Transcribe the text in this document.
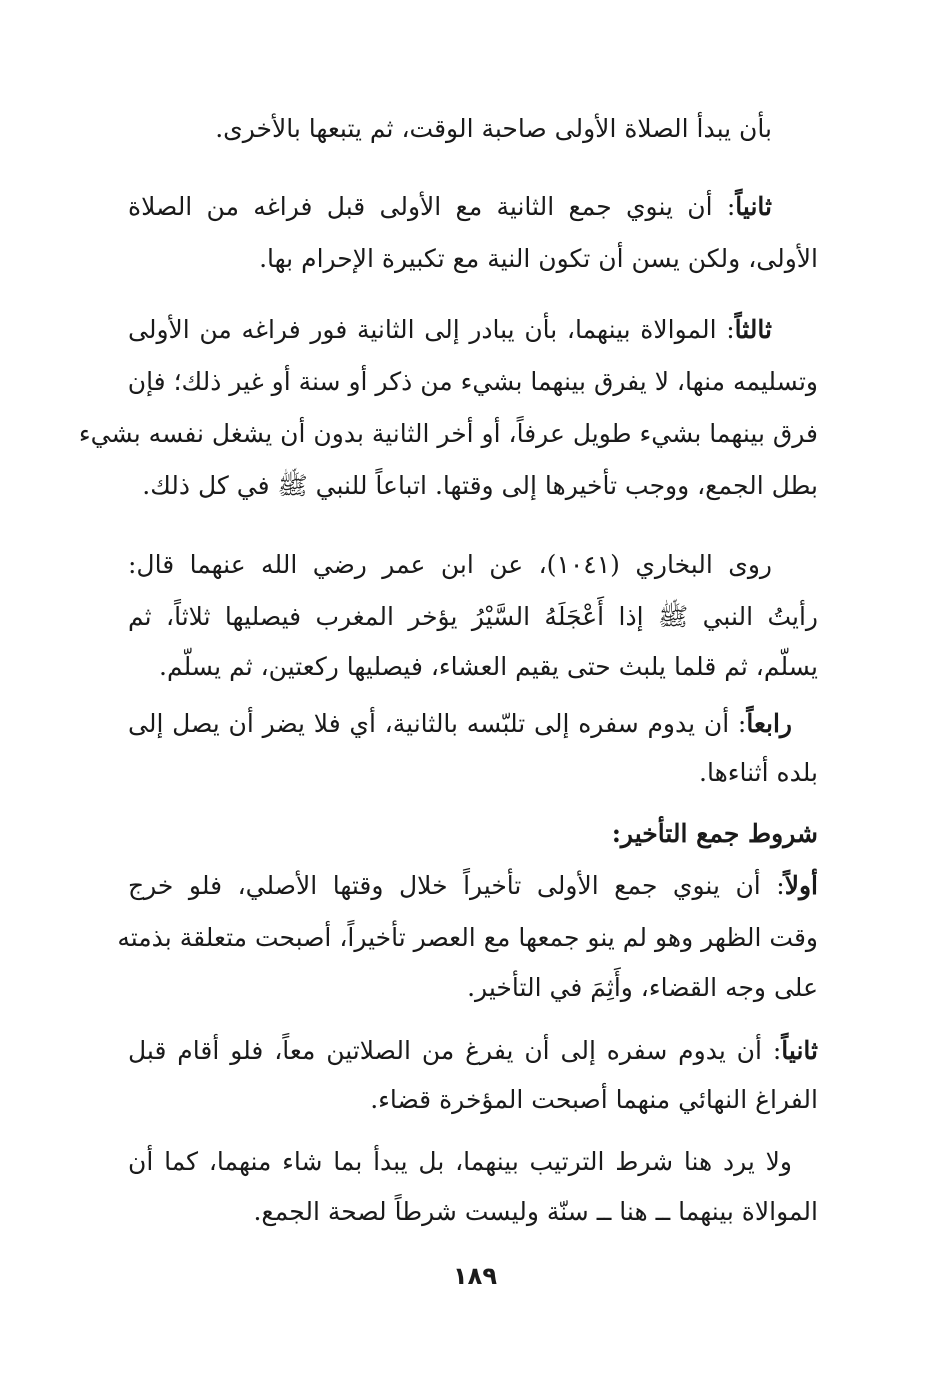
بأن يبدأ الصلاة الأولى صاحبة الوقت، ثم يتبعها بالأخرى.
ثانياً: أن ينوي جمع الثانية مع الأولى قبل فراغه من الصلاة
الأولى، ولكن يسن أن تكون النية مع تكبيرة الإحرام بها.
ثالثاً: الموالاة بينهما، بأن يبادر إلى الثانية فور فراغه من الأولى
وتسليمه منها، لا يفرق بينهما بشيء من ذكر أو سنة أو غير ذلك؛ فإن
فرق بينهما بشيء طويل عرفاً، أو أخر الثانية بدون أن يشغل نفسه بشيء
بطل الجمع، ووجب تأخيرها إلى وقتها. اتباعاً للنبي ﷺ في كل ذلك.
روى البخاري (١٠٤١)، عن ابن عمر رضي الله عنهما قال:
رأيتُ النبي ﷺ إذا أَعْجَلَهُ السَّيْرُ يؤخر المغرب فيصليها ثلاثاً، ثم
يسلّم، ثم قلما يلبث حتى يقيم العشاء، فيصليها ركعتين، ثم يسلّم.
رابعاً: أن يدوم سفره إلى تلبّسه بالثانية، أي فلا يضر أن يصل إلى
بلده أثناءها.
شروط جمع التأخير:
أولاً: أن ينوي جمع الأولى تأخيراً خلال وقتها الأصلي، فلو خرج
وقت الظهر وهو لم ينو جمعها مع العصر تأخيراً، أصبحت متعلقة بذمته
على وجه القضاء، وأَثِمَ في التأخير.
ثانياً: أن يدوم سفره إلى أن يفرغ من الصلاتين معاً، فلو أقام قبل
الفراغ النهائي منهما أصبحت المؤخرة قضاء.
ولا يرد هنا شرط الترتيب بينهما، بل يبدأ بما شاء منهما، كما أن
الموالاة بينهما ــ هنا ــ سنّة وليست شرطاً لصحة الجمع.
١٨٩
